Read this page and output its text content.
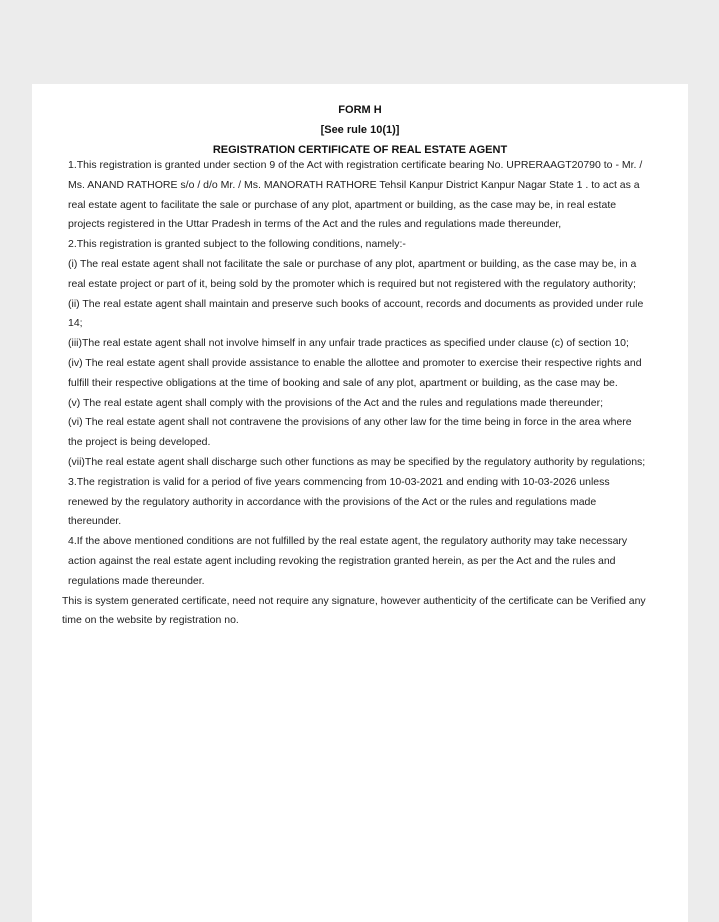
FORM H
[See rule 10(1)]
REGISTRATION CERTIFICATE OF REAL ESTATE AGENT
1.This registration is granted under section 9 of the Act with registration certificate bearing No. UPRERAAGT20790 to - Mr. /
Ms. ANAND RATHORE s/o / d/o Mr. / Ms. MANORATH RATHORE Tehsil Kanpur District Kanpur Nagar State 1 . to act as a
real estate agent to facilitate the sale or purchase of any plot, apartment or building, as the case may be, in real estate
projects registered in the Uttar Pradesh in terms of the Act and the rules and regulations made thereunder,
2.This registration is granted subject to the following conditions, namely:-
(i) The real estate agent shall not facilitate the sale or purchase of any plot, apartment or building, as the case may be, in a
real estate project or part of it, being sold by the promoter which is required but not registered with the regulatory authority;
(ii) The real estate agent shall maintain and preserve such books of account, records and documents as provided under rule
14;
(iii)The real estate agent shall not involve himself in any unfair trade practices as specified under clause (c) of section 10;
(iv) The real estate agent shall provide assistance to enable the allottee and promoter to exercise their respective rights and
fulfill their respective obligations at the time of booking and sale of any plot, apartment or building, as the case may be.
(v) The real estate agent shall comply with the provisions of the Act and the rules and regulations made thereunder;
(vi) The real estate agent shall not contravene the provisions of any other law for the time being in force in the area where
the project is being developed.
(vii)The real estate agent shall discharge such other functions as may be specified by the regulatory authority by regulations;
3.The registration is valid for a period of five years commencing from 10-03-2021 and ending with 10-03-2026 unless
renewed by the regulatory authority in accordance with the provisions of the Act or the rules and regulations made
thereunder.
4.If the above mentioned conditions are not fulfilled by the real estate agent, the regulatory authority may take necessary
action against the real estate agent including revoking the registration granted herein, as per the Act and the rules and
regulations made thereunder.
This is system generated certificate, need not require any signature, however authenticity of the certificate can be Verified any
time on the website by registration no.
